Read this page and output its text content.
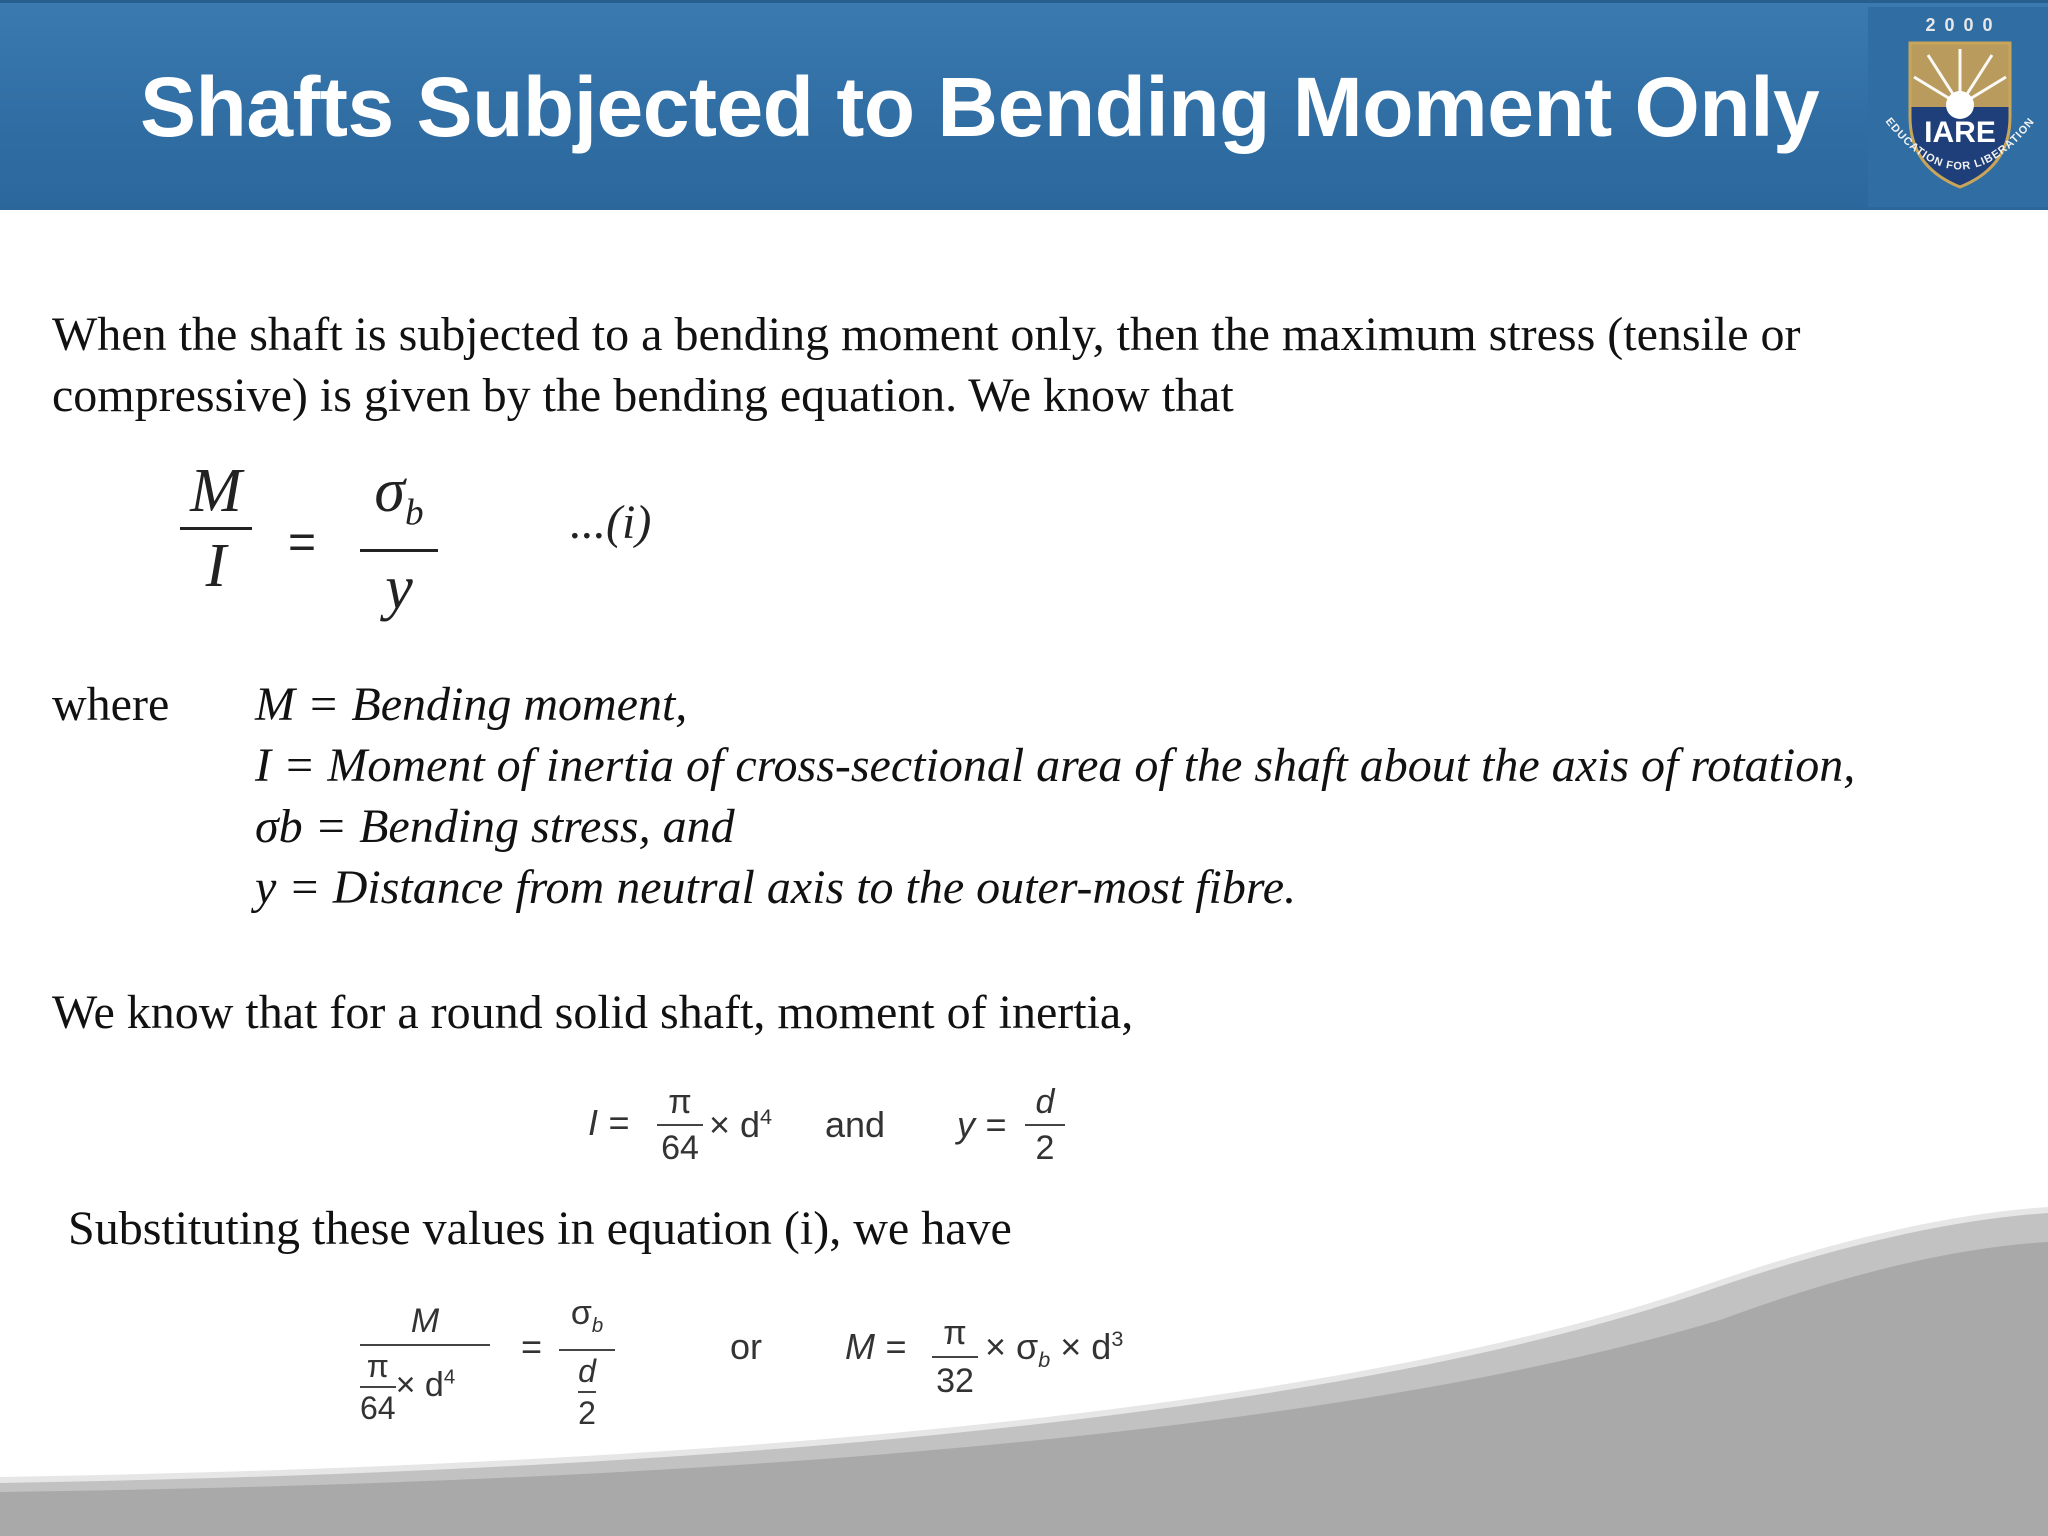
Shafts Subjected to Bending Moment Only
2 0 0 0
IARE
EDUCATION FOR LIBERATION

When the shaft is subjected to a bending moment only, then the maximum stress (tensile or
compressive) is given by the bending equation. We know that

M
I	=
$\sigma_b$
y
...(i)
where M = Bending moment,
I = Moment of inertia of cross-sectional area of the shaft about the axis of rotation,
σb = Bending stress, and
y = Distance from neutral axis to the outer-most fibre.

We know that for a round solid shaft, moment of inertia,

I =	π
64
× $d^4$ and y =
d
2

Substituting these values in equation (i), we have

M
$\frac{\pi}{64} \times d^4$
=
$\sigma_b$
$\frac{d}{2}$
or M =	π
32
× $\sigma_b \times d^3$
